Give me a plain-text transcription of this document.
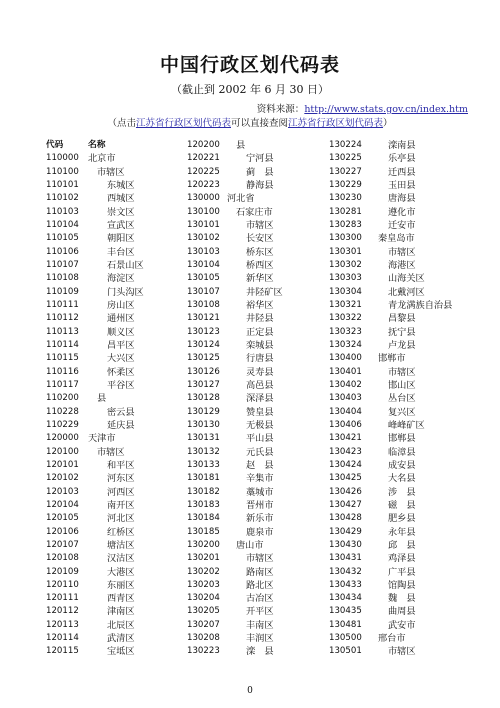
中国行政区划代码表
（截止到 2002 年 6 月 30 日）
资料来源：http://www.stats.gov.cn/index.htm
（点击江苏省行政区划代码表可以直接查阅江苏省行政区划代码表）
代码	名称
110000 北京市
110100 市辖区
110101	东城区
110102	西城区
110103	崇文区
110104	宣武区
110105	朝阳区
110106	丰台区
110107	石景山区
110108	海淀区
110109	门头沟区
110111	房山区
110112	通州区
110113	顺义区
110114	昌平区
110115	大兴区
110116	怀柔区
110117	平谷区
110200 县
110228	密云县
110229	延庆县
120000 天津市
120100 市辖区
120101	和平区
120102	河东区
120103	河西区
120104	南开区
120105	河北区
120106	红桥区
120107	塘沽区
120108	汉沽区
120109	大港区
120110	东丽区
120111	西青区
120112	津南区
120113	北辰区
120114	武清区
120115	宝坻区
120200 县
120221	宁河县
120225	蓟　县
120223	静海县
130000 河北省
130100 石家庄市
130101	市辖区
130102	长安区
130103	桥东区
130104	桥西区
130105	新华区
130107	井陉矿区
130108	裕华区
130121	井陉县
130123	正定县
130124	栾城县
130125	行唐县
130126	灵寿县
130127	高邑县
130128	深泽县
130129	赞皇县
130130	无极县
130131	平山县
130132	元氏县
130133	赵　县
130181	辛集市
130182	藁城市
130183	晋州市
130184	新乐市
130185	鹿泉市
130200 唐山市
130201	市辖区
130202	路南区
130203	路北区
130204	古冶区
130205	开平区
130207	丰南区
130208	丰润区
130223	滦　县
130224	滦南县
130225	乐亭县
130227	迁西县
130229	玉田县
130230	唐海县
130281	遵化市
130283	迁安市
130300 秦皇岛市
130301	市辖区
130302	海港区
130303	山海关区
130304	北戴河区
130321	青龙满族自治县
130322	昌黎县
130323	抚宁县
130324	卢龙县
130400 邯郸市
130401	市辖区
130402	邯山区
130403	丛台区
130404	复兴区
130406	峰峰矿区
130421	邯郸县
130423	临漳县
130424	成安县
130425	大名县
130426	涉　县
130427	磁　县
130428	肥乡县
130429	永年县
130430	邱　县
130431	鸡泽县
130432	广平县
130433	馆陶县
130434	魏　县
130435	曲周县
130481	武安市
130500 邢台市
130501	市辖区
0
